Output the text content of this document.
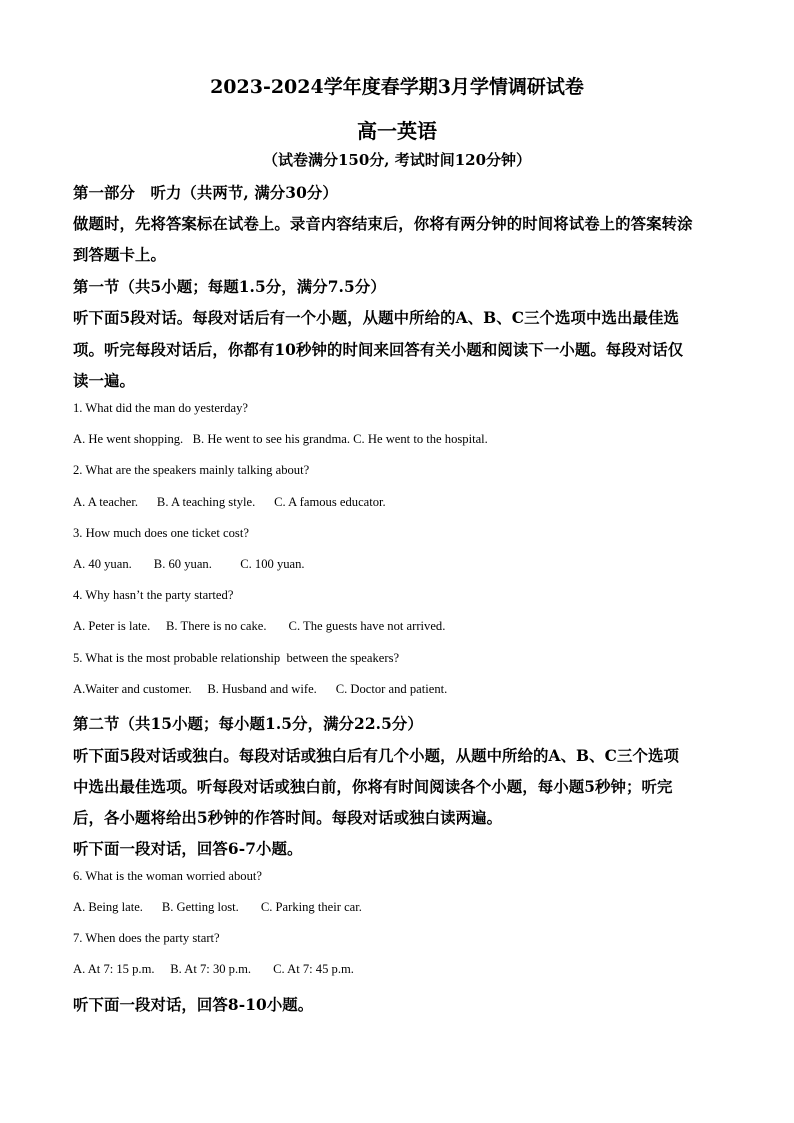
2023-2024学年度春学期3月学情调研试卷
高一英语
（试卷满分150分, 考试时间120分钟）
第一部分　听力（共两节, 满分30分）
做题时，先将答案标在试卷上。录音内容结束后，你将有两分钟的时间将试卷上的答案转涂
到答题卡上。
第一节（共5小题；每题1.5分，满分7.5分）
听下面5段对话。每段对话后有一个小题，从题中所给的A、B、C三个选项中选出最佳选
项。听完每段对话后，你都有10秒钟的时间来回答有关小题和阅读下一小题。每段对话仅
读一遍。
1. What did the man do yesterday?
A. He went shopping.   B. He went to see his grandma. C. He went to the hospital.
2. What are the speakers mainly talking about?
A. A teacher.      B. A teaching style.      C. A famous educator.
3. How much does one ticket cost?
A. 40 yuan.       B. 60 yuan.         C. 100 yuan.
4. Why hasn’t the party started?
A. Peter is late.     B. There is no cake.       C. The guests have not arrived.
5. What is the most probable relationship  between the speakers?
A.Waiter and customer.     B. Husband and wife.      C. Doctor and patient.
第二节（共15小题；每小题1.5分，满分22.5分）
听下面5段对话或独白。每段对话或独白后有几个小题，从题中所给的A、B、C三个选项
中选出最佳选项。听每段对话或独白前，你将有时间阅读各个小题，每小题5秒钟；听完
后，各小题将给出5秒钟的作答时间。每段对话或独白读两遍。
听下面一段对话，回答6-7小题。
6. What is the woman worried about?
A. Being late.      B. Getting lost.       C. Parking their car.
7. When does the party start?
A. At 7: 15 p.m.     B. At 7: 30 p.m.       C. At 7: 45 p.m.
听下面一段对话，回答8-10小题。
